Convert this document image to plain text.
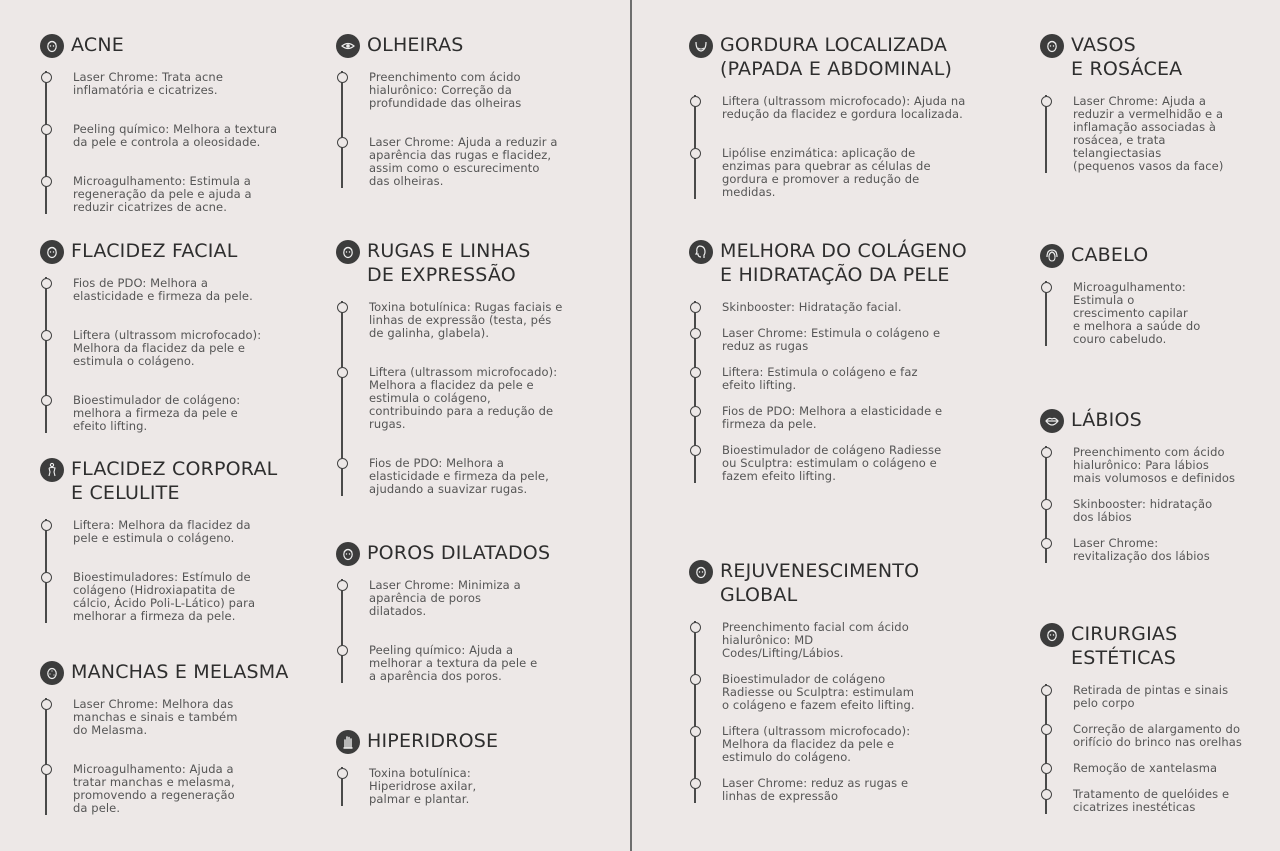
ACNE
Laser Chrome: Trata acne
inflamatória e cicatrizes.
Peeling químico: Melhora a textura
da pele e controla a oleosidade.
Microagulhamento: Estimula a
regeneração da pele e ajuda a
reduzir cicatrizes de acne.
FLACIDEZ FACIAL
Fios de PDO: Melhora a
elasticidade e firmeza da pele.
Liftera (ultrassom microfocado):
Melhora da flacidez da pele e
estimula o colágeno.
Bioestimulador de colágeno:
melhora a firmeza da pele e
efeito lifting.
FLACIDEZ CORPORAL
E CELULITE
Liftera: Melhora da flacidez da
pele e estimula o colágeno.
Bioestimuladores: Estímulo de
colágeno (Hidroxiapatita de
cálcio, Ácido Poli-L-Lático) para
melhorar a firmeza da pele.
MANCHAS E MELASMA
Laser Chrome: Melhora das
manchas e sinais e também
do Melasma.
Microagulhamento: Ajuda a
tratar manchas e melasma,
promovendo a regeneração
da pele.
OLHEIRAS
Preenchimento com ácido
hialurônico: Correção da
profundidade das olheiras
Laser Chrome: Ajuda a reduzir a
aparência das rugas e flacidez,
assim como o escurecimento
das olheiras.
RUGAS E LINHAS
DE EXPRESSÃO
Toxina botulínica: Rugas faciais e
linhas de expressão (testa, pés
de galinha, glabela).
Liftera (ultrassom microfocado):
Melhora a flacidez da pele e
estimula o colágeno,
contribuindo para a redução de
rugas.
Fios de PDO: Melhora a
elasticidade e firmeza da pele,
ajudando a suavizar rugas.
POROS DILATADOS
Laser Chrome: Minimiza a
aparência de poros
dilatados.
Peeling químico: Ajuda a
melhorar a textura da pele e
a aparência dos poros.
HIPERIDROSE
Toxina botulínica:
Hiperidrose axilar,
palmar e plantar.
GORDURA LOCALIZADA
(PAPADA E ABDOMINAL)
Liftera (ultrassom microfocado): Ajuda na
redução da flacidez e gordura localizada.
Lipólise enzimática: aplicação de
enzimas para quebrar as células de
gordura e promover a redução de
medidas.
MELHORA DO COLÁGENO
E HIDRATAÇÃO DA PELE
Skinbooster: Hidratação facial.
Laser Chrome: Estimula o colágeno e
reduz as rugas
Liftera: Estimula o colágeno e faz
efeito lifting.
Fios de PDO: Melhora a elasticidade e
firmeza da pele.
Bioestimulador de colágeno Radiesse
ou Sculptra: estimulam o colágeno e
fazem efeito lifting.
REJUVENESCIMENTO
GLOBAL
Preenchimento facial com ácido
hialurônico: MD
Codes/Lifting/Lábios.
Bioestimulador de colágeno
Radiesse ou Sculptra: estimulam
o colágeno e fazem efeito lifting.
Liftera (ultrassom microfocado):
Melhora da flacidez da pele e
estimulo do colágeno.
Laser Chrome: reduz as rugas e
linhas de expressão
VASOS
E ROSÁCEA
Laser Chrome: Ajuda a
reduzir a vermelhidão e a
inflamação associadas à
rosácea, e trata
telangiectasias
(pequenos vasos da face)
CABELO
Microagulhamento:
Estimula o
crescimento capilar
e melhora a saúde do
couro cabeludo.
LÁBIOS
Preenchimento com ácido
hialurônico: Para lábios
mais volumosos e definidos
Skinbooster: hidratação
dos lábios
Laser Chrome:
revitalização dos lábios
CIRURGIAS
ESTÉTICAS
Retirada de pintas e sinais
pelo corpo
Correção de alargamento do
orifício do brinco nas orelhas
Remoção de xantelasma
Tratamento de quelóides e
cicatrizes inestéticas
